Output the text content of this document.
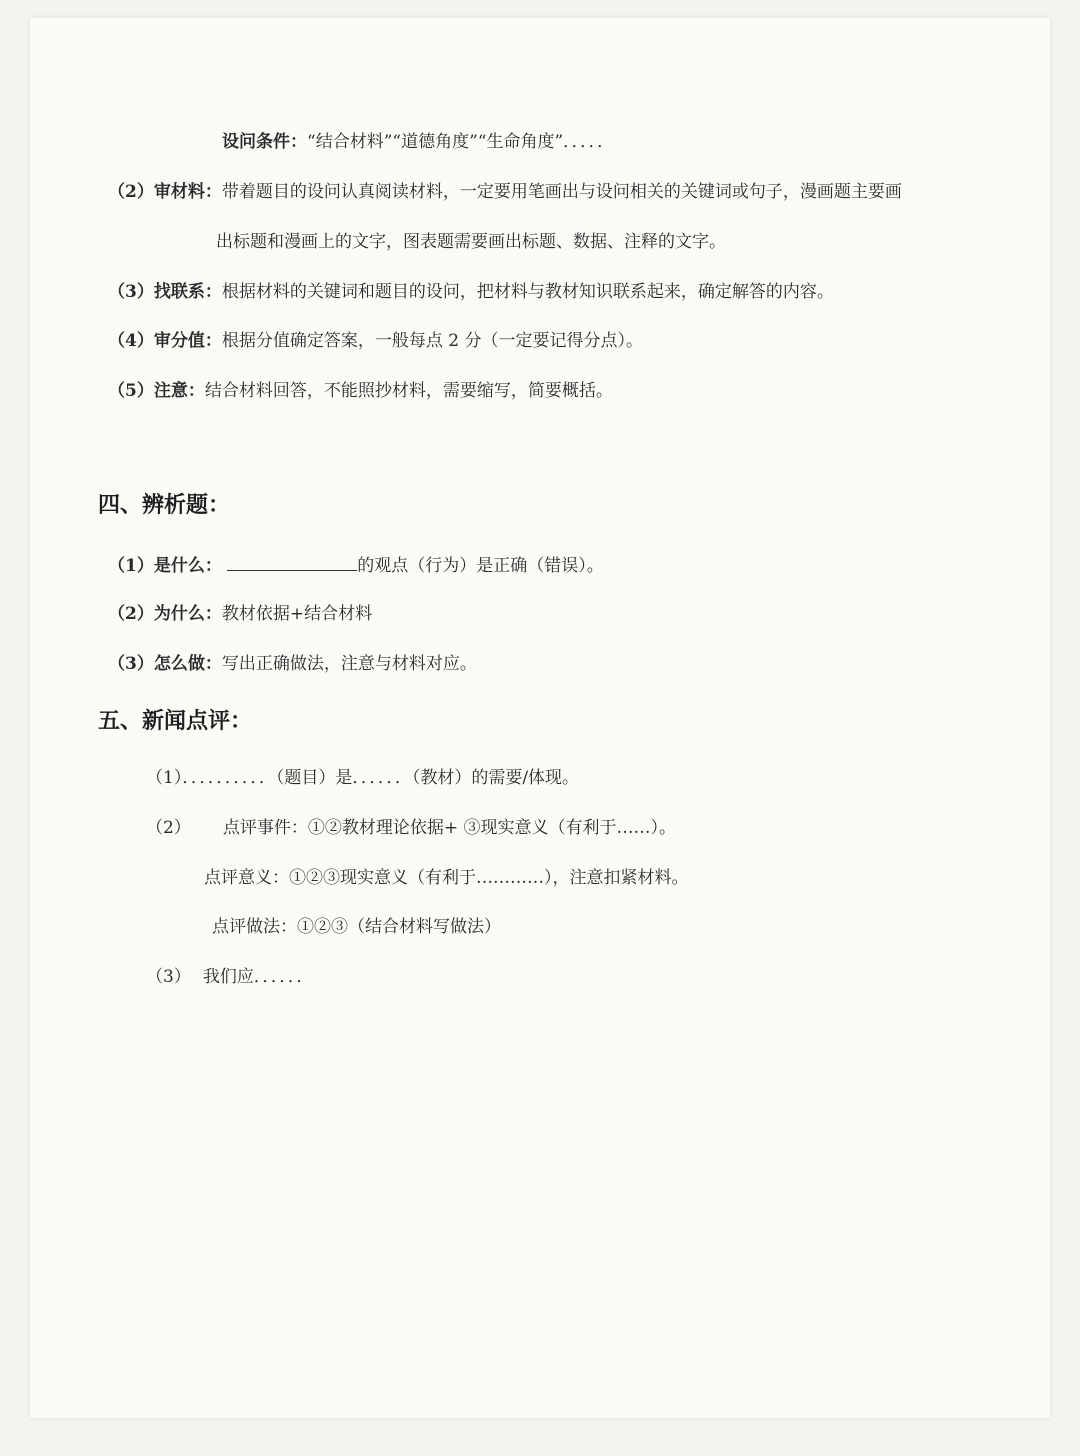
设问条件：“结合材料”“道德角度”“生命角度”．．．．．
（2）审材料：带着题目的设问认真阅读材料，一定要用笔画出与设问相关的关键词或句子，漫画题主要画
出标题和漫画上的文字，图表题需要画出标题、数据、注释的文字。
（3）找联系：根据材料的关键词和题目的设问，把材料与教材知识联系起来，确定解答的内容。
（4）审分值：根据分值确定答案，一般每点 2 分（一定要记得分点）。
（5）注意：结合材料回答，不能照抄材料，需要缩写，简要概括。
四、辨析题：
（1）是什么：	的观点（行为）是正确（错误）。
（2）为什么：教材依据+结合材料
（3）怎么做：写出正确做法，注意与材料对应。
五、新闻点评：
（1）．．．．．．．．．．（题目）是．．．．．．（教材）的需要/体现。
（2） 点评事件：①②教材理论依据+ ③现实意义（有利于……）。
点评意义：①②③现实意义（有利于…………），注意扣紧材料。
点评做法：①②③（结合材料写做法）
（3） 我们应．．．．．．
